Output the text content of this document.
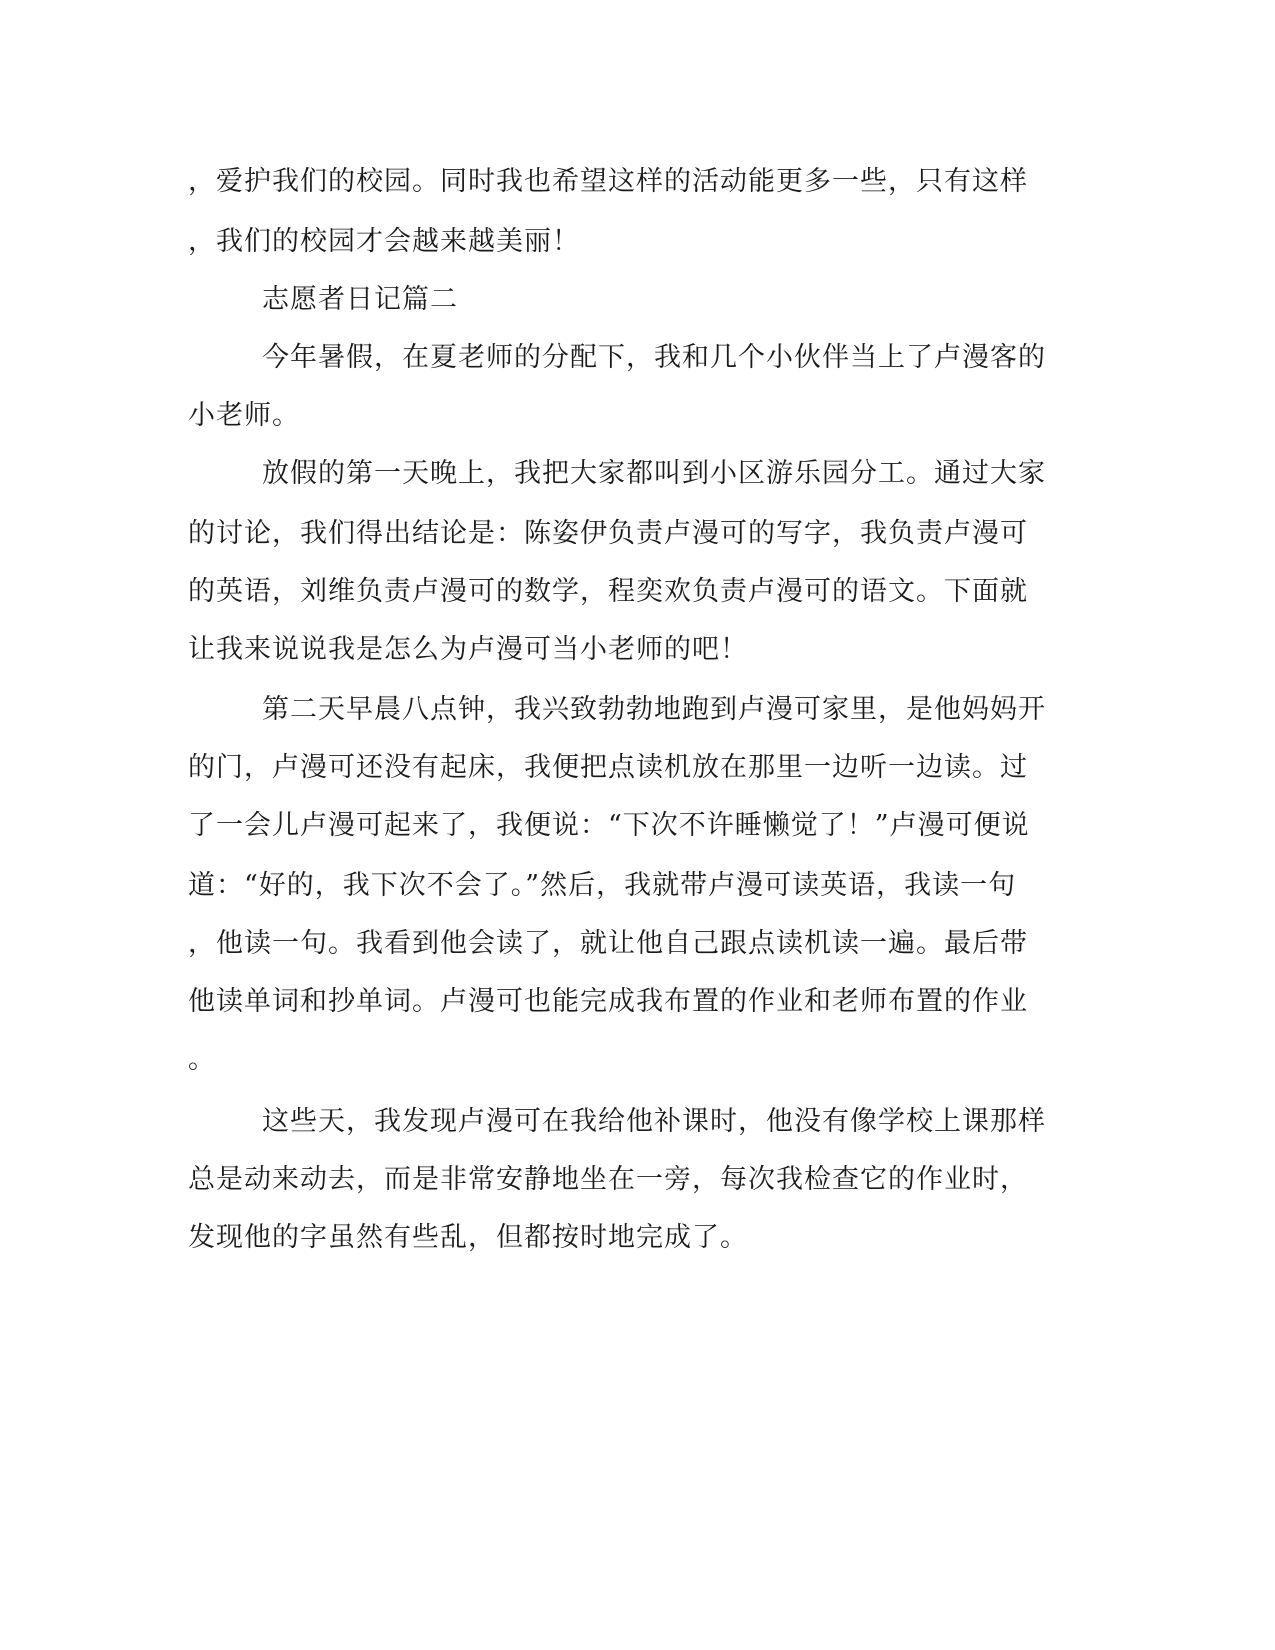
，爱护我们的校园。同时我也希望这样的活动能更多一些，只有这样
，我们的校园才会越来越美丽！
志愿者日记篇二
今年暑假，在夏老师的分配下，我和几个小伙伴当上了卢漫客的
小老师。
放假的第一天晚上，我把大家都叫到小区游乐园分工。通过大家
的讨论，我们得出结论是：陈姿伊负责卢漫可的写字，我负责卢漫可
的英语，刘维负责卢漫可的数学，程奕欢负责卢漫可的语文。下面就
让我来说说我是怎么为卢漫可当小老师的吧！
第二天早晨八点钟，我兴致勃勃地跑到卢漫可家里，是他妈妈开
的门，卢漫可还没有起床，我便把点读机放在那里一边听一边读。过
了一会儿卢漫可起来了，我便说：“下次不许睡懒觉了！”卢漫可便说
道：“好的，我下次不会了。”然后，我就带卢漫可读英语，我读一句
，他读一句。我看到他会读了，就让他自己跟点读机读一遍。最后带
他读单词和抄单词。卢漫可也能完成我布置的作业和老师布置的作业
。
这些天，我发现卢漫可在我给他补课时，他没有像学校上课那样
总是动来动去，而是非常安静地坐在一旁，每次我检查它的作业时，
发现他的字虽然有些乱，但都按时地完成了。
